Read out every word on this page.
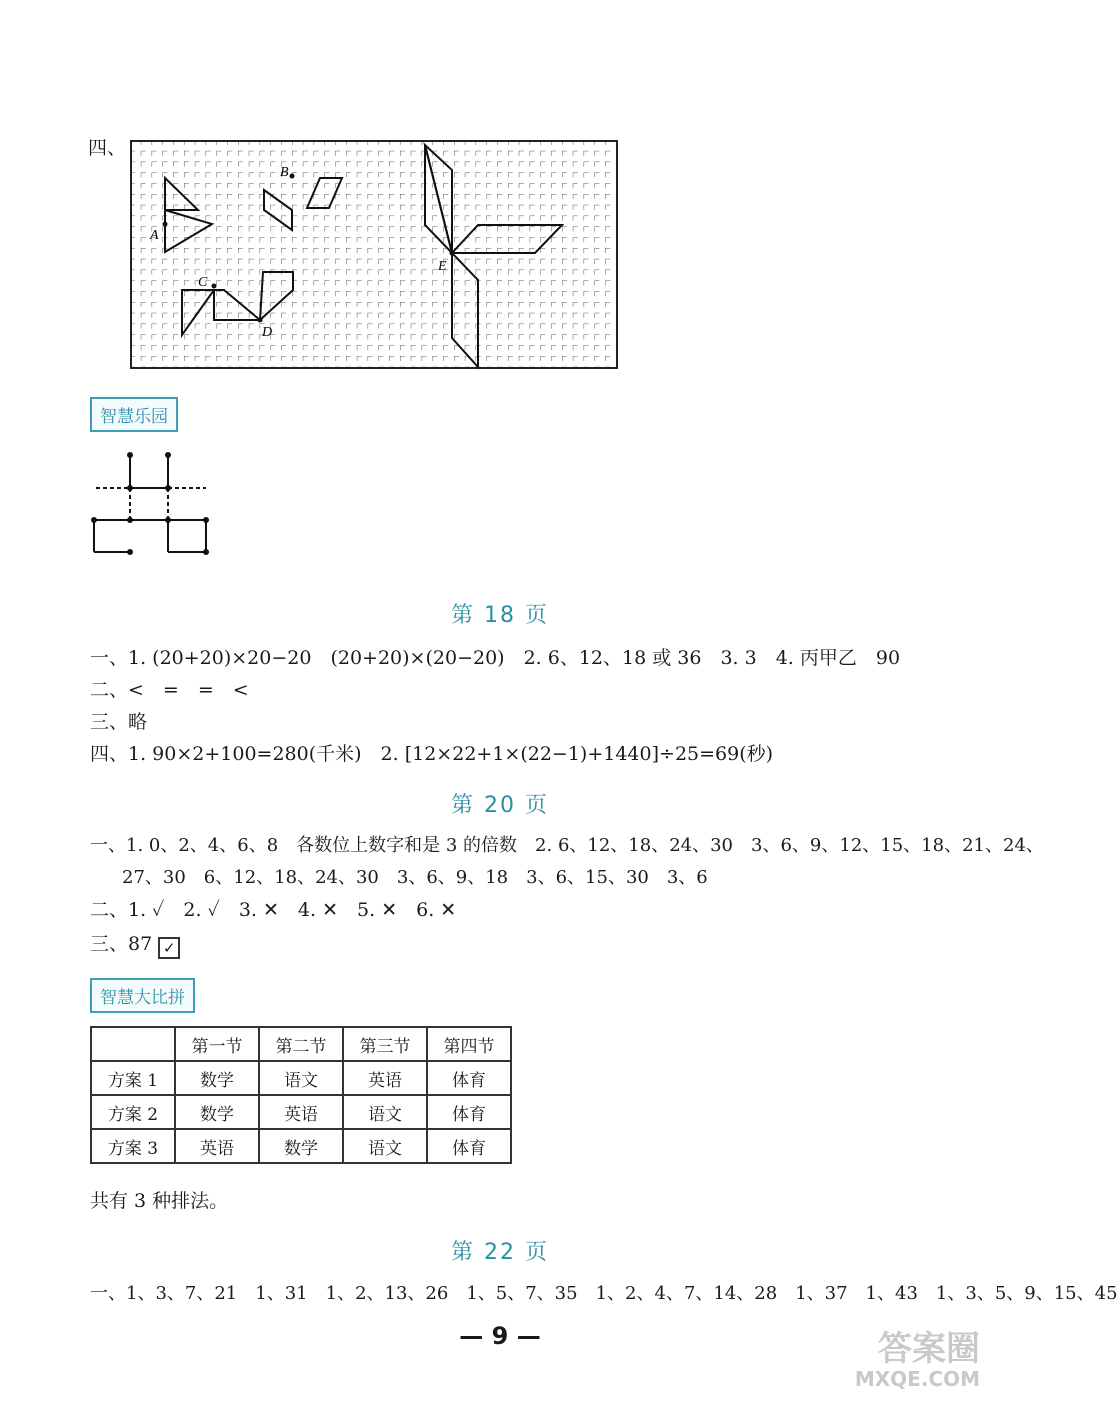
四、
A
B
C
D
E
智慧乐园
第 18 页
一、1. (20+20)×20−20　(20+20)×(20−20)　2. 6、12、18 或 36　3. 3　4. 丙甲乙　90
二、<　=　=　<
三、略
四、1. 90×2+100=280(千米)　2. [12×22+1×(22−1)+1440]÷25=69(秒)
第 20 页
一、1. 0、2、4、6、8　各数位上数字和是 3 的倍数　2. 6、12、18、24、30　3、6、9、12、15、18、21、24、
27、30　6、12、18、24、30　3、6、9、18　3、6、15、30　3、6
二、1. ✓　2. ✓　3. ✕　4. ✕　5. ✕　6. ✕
三、87 ✓
智慧大比拼
	第一节	第二节	第三节	第四节
方案 1	数学	语文	英语	体育
方案 2	数学	英语	语文	体育
方案 3	英语	数学	语文	体育
共有 3 种排法。
第 22 页
一、1、3、7、21　1、31　1、2、13、26　1、5、7、35　1、2、4、7、14、28　1、37　1、43　1、3、5、9、15、45
— 9 —	答案圈
MXQE.COM
